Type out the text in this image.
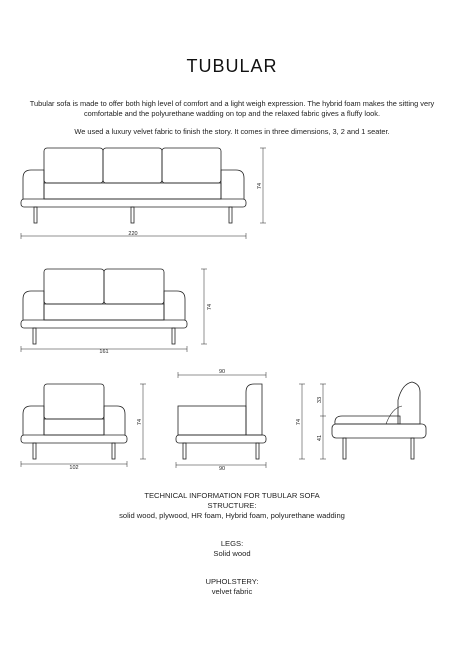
TUBULAR

Tubular sofa is made to offer both high level of comfort and a light weigh expression. The hybrid foam makes the sitting very comfortable and the polyurethane wadding on top and the relaxed fabric gives a fluffy look.

We used a luxury velvet fabric to finish the story. It comes in three dimensions, 3, 2 and 1 seater.

220
74
161
74
102
74
90
90
74
33
41
TECHNICAL INFORMATION FOR TUBULAR SOFA
STRUCTURE:
solid wood, plywood, HR foam, Hybrid foam, polyurethane wadding
LEGS:
Solid wood
UPHOLSTERY:
velvet fabric
